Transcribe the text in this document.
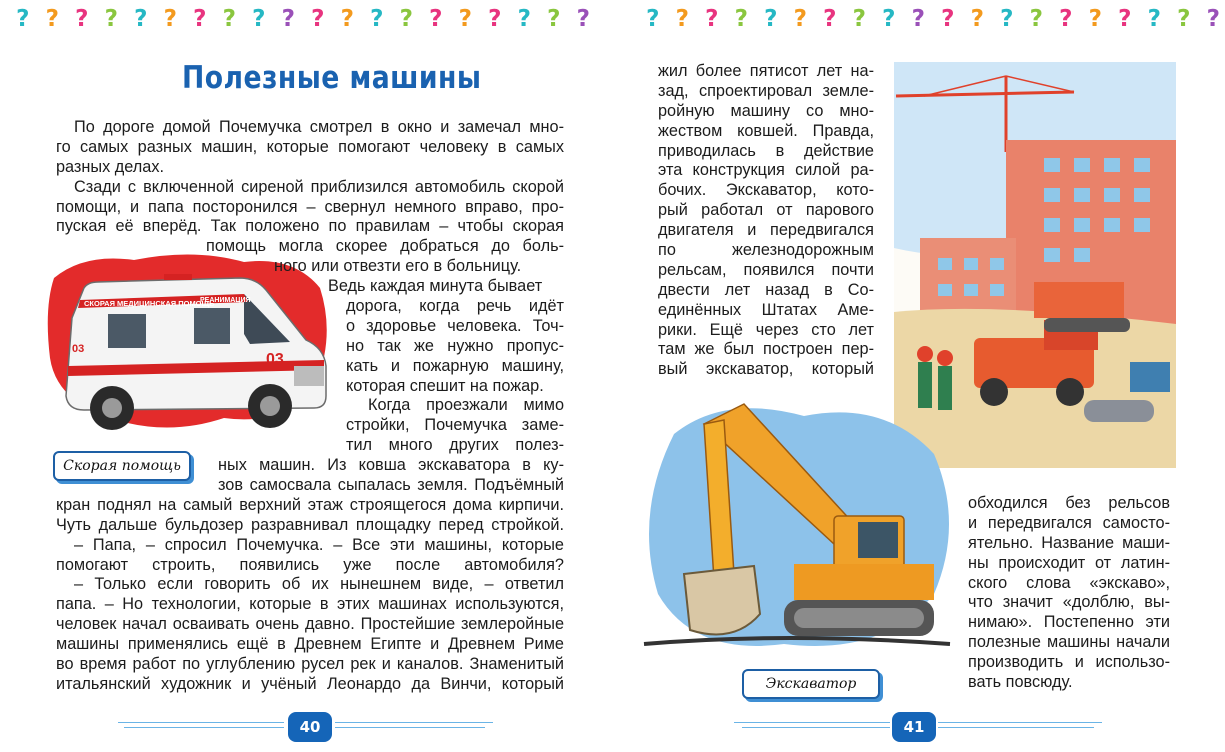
? ? ? ? ? ? ? ? ? ? ? ? ? ? ? ? ? ? ? ?
Полезные машины
СКОРАЯ МЕДИЦИНСКАЯ ПОМОЩЬ
РЕАНИМАЦИЯ
03
03
Скорая помощь
По дороге домой Почемучка смотрел в окно и замечал мно-
го самых разных машин, которые помогают человеку в самых
разных делах.
Сзади с включенной сиреной приблизился автомобиль скорой
помощи, и папа посторонился – свернул немного вправо, про-
пуская её вперёд. Так положено по правилам – чтобы скорая
помощь могла скорее добраться до боль-
ного или отвезти его в больницу.
Ведь каждая минута бывает
дорога, когда речь идёт
о здоровье человека. Точ-
но так же нужно пропус-
кать и пожарную машину,
которая спешит на пожар.
Когда проезжали мимо
стройки, Почемучка заме-
тил много других полез-
ных машин. Из ковша экскаватора в ку-
зов самосвала сыпалась земля. Подъёмный
кран поднял на самый верхний этаж строящегося дома кирпичи.
Чуть дальше бульдозер разравнивал площадку перед стройкой.
– Папа, – спросил Почемучка. – Все эти машины, которые
помогают строить, появились уже после автомобиля?
– Только если говорить об их нынешнем виде, – ответил
папа. – Но технологии, которые в этих машинах используются,
человек начал осваивать очень давно. Простейшие землеройные
машины применялись ещё в Древнем Египте и Древнем Риме
во время работ по углублению русел рек и каналов. Знаменитый
итальянский художник и учёный Леонардо да Винчи, который
40
? ? ? ? ? ? ? ? ? ? ? ? ? ? ? ? ? ? ? ?
жил более пятисот лет на-
зад, спроектировал земле-
ройную машину со мно-
жеством ковшей. Правда,
приводилась в действие
эта конструкция силой ра-
бочих. Экскаватор, кото-
рый работал от парового
двигателя и передвигался
по железнодорожным
рельсам, появился почти
двести лет назад в Со-
единённых Штатах Аме-
рики. Ещё через сто лет
там же был построен пер-
вый экскаватор, который
Экскаватор
обходился без рельсов
и передвигался самосто-
ятельно. Название маши-
ны происходит от латин-
ского слова «экскаво»,
что значит «долблю, вы-
нимаю». Постепенно эти
полезные машины начали
производить и использо-
вать повсюду.
41
